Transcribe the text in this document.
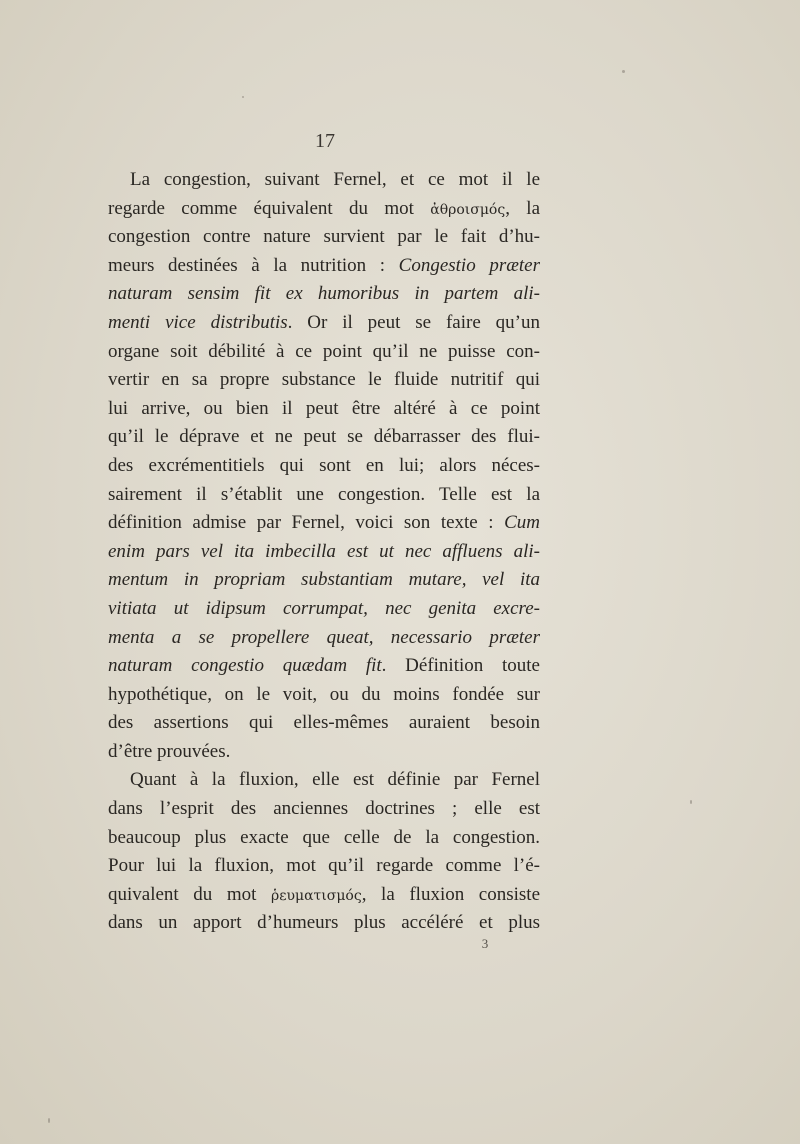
17
La congestion, suivant Fernel, et ce mot il le
regarde comme équivalent du mot ἀθροισμός, la
congestion contre nature survient par le fait d’hu-
meurs destinées à la nutrition : Congestio præter
naturam sensim fit ex humoribus in partem ali-
menti vice distributis. Or il peut se faire qu’un
organe soit débilité à ce point qu’il ne puisse con-
vertir en sa propre substance le fluide nutritif qui
lui arrive, ou bien il peut être altéré à ce point
qu’il le déprave et ne peut se débarrasser des flui-
des excrémentitiels qui sont en lui; alors néces-
sairement il s’établit une congestion. Telle est la
définition admise par Fernel, voici son texte : Cum
enim pars vel ita imbecilla est ut nec affluens ali-
mentum in propriam substantiam mutare, vel ita
vitiata ut idipsum corrumpat, nec genita excre-
menta a se propellere queat, necessario præter
naturam congestio quædam fit. Définition toute
hypothétique, on le voit, ou du moins fondée sur
des assertions qui elles-mêmes auraient besoin
d’être prouvées.
Quant à la fluxion, elle est définie par Fernel
dans l’esprit des anciennes doctrines ; elle est
beaucoup plus exacte que celle de la congestion.
Pour lui la fluxion, mot qu’il regarde comme l’é-
quivalent du mot ῥευματισμός, la fluxion consiste
dans un apport d’humeurs plus accéléré et plus
3
